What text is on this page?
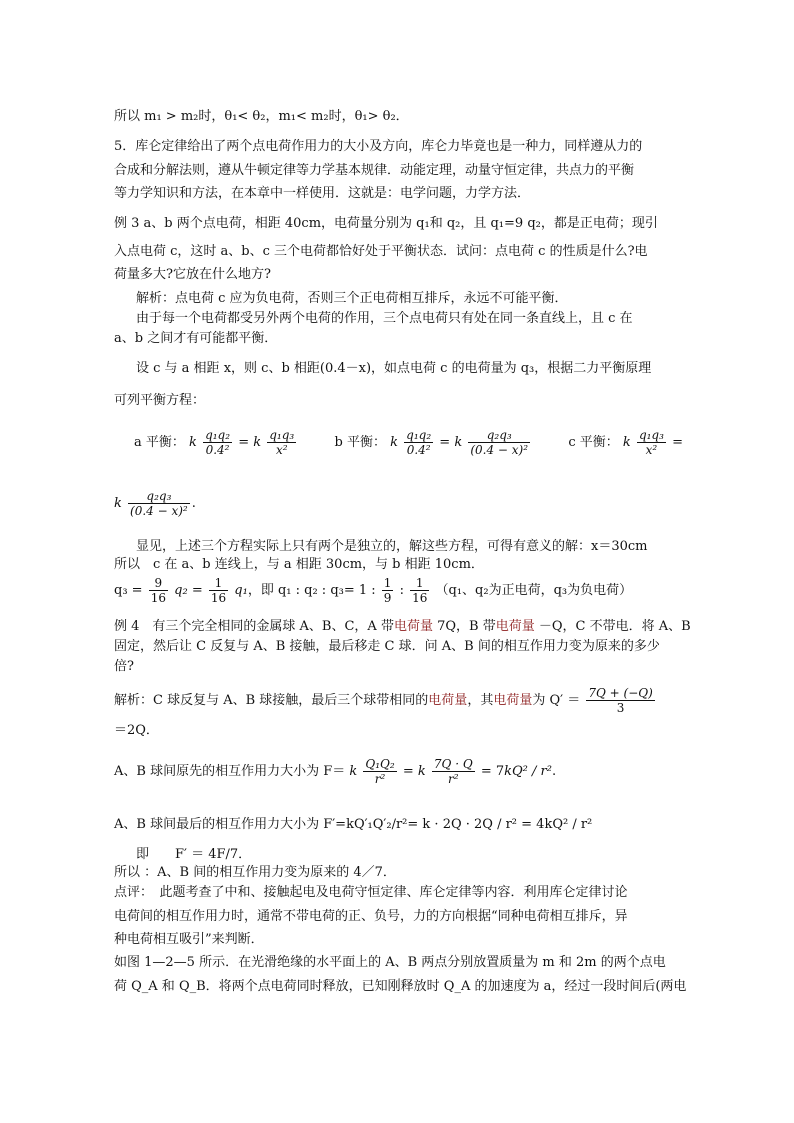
所以 m₁ > m₂时，θ₁< θ₂，m₁< m₂时，θ₁> θ₂．
5．库仑定律给出了两个点电荷作用力的大小及方向，库仑力毕竟也是一种力，同样遵从力的
合成和分解法则，遵从牛顿定律等力学基本规律．动能定理，动量守恒定律，共点力的平衡
等力学知识和方法，在本章中一样使用．这就是：电学问题，力学方法．
例 3 a、b 两个点电荷，相距 40cm，电荷量分别为 q₁和 q₂，且 q₁=9 q₂，都是正电荷；现引
入点电荷 c，这时 a、b、c 三个电荷都恰好处于平衡状态．试问：点电荷 c 的性质是什么?电
荷量多大?它放在什么地方?
解析：点电荷 c 应为负电荷，否则三个正电荷相互排斥，永远不可能平衡．
由于每一个电荷都受另外两个电荷的作用，三个点电荷只有处在同一条直线上，且 c 在
a、b 之间才有可能都平衡．
设 c 与 a 相距 x，则 c、b 相距(0.4－x)，如点电荷 c 的电荷量为 q₃，根据二力平衡原理
可列平衡方程：
a 平衡： k $\frac{\text{q₁q₂}}{\text{0.4²}} = k \frac{\text{q₁q₃}}{\text{x²}}$	b 平衡： k $\frac{\text{q₁q₂}}{\text{0.4²}} = k \frac{\text{q₂q₃}}{\text{(0.4 − x)²}}$	c 平衡： k $\frac{\text{q₁q₃}}{\text{x²}}$ =
k $\frac{\text{q₂q₃}}{\text{(0.4 − x)²}}$ .
显见，上述三个方程实际上只有两个是独立的，解这些方程，可得有意义的解：x＝30cm
所以　c 在 a、b 连线上，与 a 相距 30cm，与 b 相距 10cm．
$q_3 = \frac{9}{16} q_2 = \frac{1}{16} q_1$，即 q₁ : q₂ : q₃= 1 : $\frac{1}{9}$ : $\frac{1}{16} (q_1$、q₂为正电荷，q₃为负电荷）
例 4　有三个完全相同的金属球 A、B、C，A 带电荷量 7Q，B 带电荷量 －Q，C 不带电．将 A、B
固定，然后让 C 反复与 A、B 接触，最后移走 C 球．问 A、B 间的相互作用力变为原来的多少
倍?
解析：C 球反复与 A、B 球接触，最后三个球带相同的电荷量，其电荷量为 $Q' = \frac{7Q + (-Q)}{3}$
＝2Q．
A、B 球间原先的相互作用力大小为 F＝ k $\frac{\text{Q₁Q₂}}{\text{r²}} = k \frac{7Q \cdot Q}{\text{r²}} = 7kQ^2 / r^2$.
A、B 球间最后的相互作用力大小为 F′=kQ′₁Q′₂/r²= k · 2Q · 2Q / r² = 4kQ² / r²
即　　F′ ＝ 4F/7．
所以 ：A、B 间的相互作用力变为原来的 4／7．
点评：　此题考查了中和、接触起电及电荷守恒定律、库仑定律等内容．利用库仑定律讨论
电荷间的相互作用力时，通常不带电荷的正、负号，力的方向根据“同种电荷相互排斥，异
种电荷相互吸引”来判断．
如图 1—2—5 所示．在光滑绝缘的水平面上的 A、B 两点分别放置质量为 m 和 2m 的两个点电
荷 Q_A 和 Q_B．将两个点电荷同时释放，已知刚释放时 Q_A 的加速度为 a，经过一段时间后(两电
